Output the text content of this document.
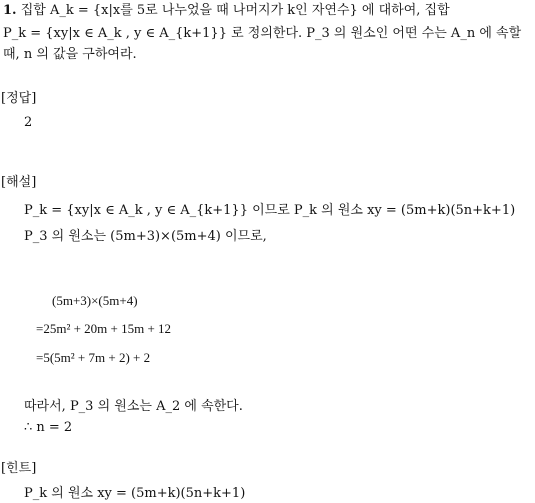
1. 집합 A_k = {x|x를 5로 나누었을 때 나머지가 k인 자연수} 에 대하여, 집합
P_k = {xy|x ∈ A_k , y ∈ A_{k+1}} 로 정의한다. P_3 의 원소인 어떤 수는 A_n 에 속할
때, n 의 값을 구하여라.
[정답]
2
[해설]
P_k = {xy|x ∈ A_k , y ∈ A_{k+1}} 이므로 P_k 의 원소 xy = (5m+k)(5n+k+1)
P_3 의 원소는 (5m+3)×(5m+4) 이므로,
(5m+3)×(5m+4)
=25m² + 20m + 15m + 12
=5(5m² + 7m + 2) + 2
따라서, P_3 의 원소는 A_2 에 속한다.
∴ n = 2
[힌트]
P_k 의 원소 xy = (5m+k)(5n+k+1)
